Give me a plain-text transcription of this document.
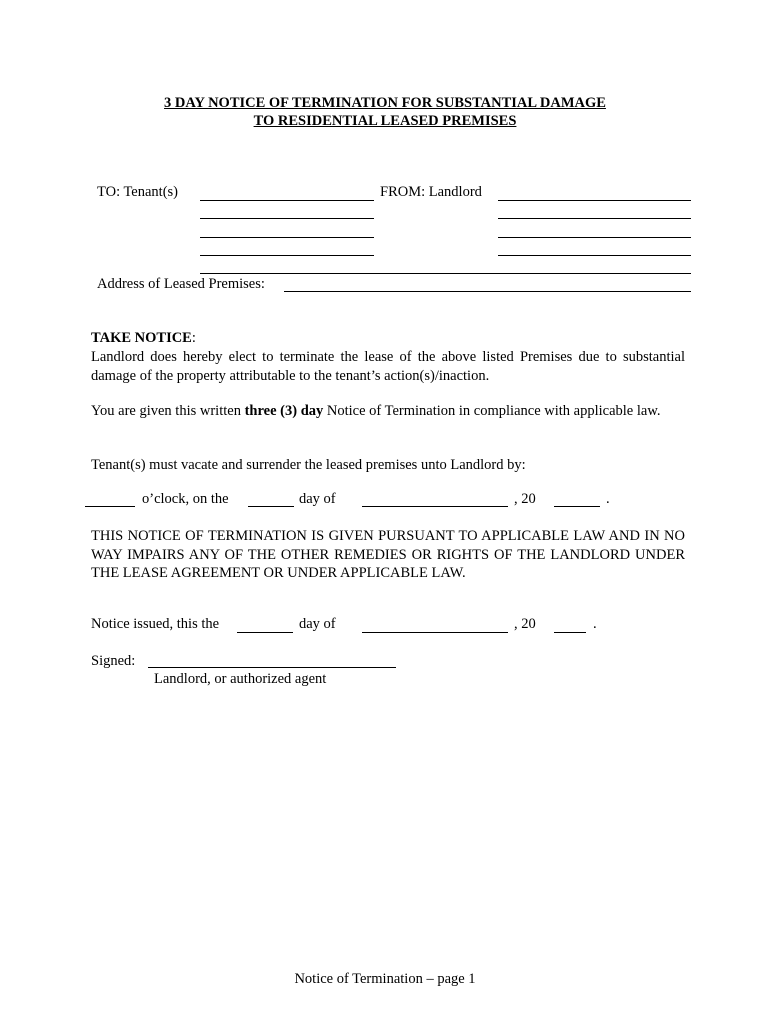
3 DAY NOTICE OF TERMINATION FOR SUBSTANTIAL DAMAGE
TO RESIDENTIAL LEASED PREMISES
TO: Tenant(s)	FROM: Landlord
Address of Leased Premises:
TAKE NOTICE:
Landlord does hereby elect to terminate the lease of the above listed Premises due to substantial damage of the property attributable to the tenant’s action(s)/inaction.
You are given this written three (3) day Notice of Termination in compliance with applicable law.
Tenant(s) must vacate and surrender the leased premises unto Landlord by:
o’clock, on the	day of	, 20	.
THIS NOTICE OF TERMINATION IS GIVEN PURSUANT TO APPLICABLE LAW AND IN NO WAY IMPAIRS ANY OF THE OTHER REMEDIES OR RIGHTS OF THE LANDLORD UNDER THE LEASE AGREEMENT OR UNDER APPLICABLE LAW.
Notice issued, this the	day of	, 20	.
Signed:
Landlord, or authorized agent
Notice of Termination – page 1
